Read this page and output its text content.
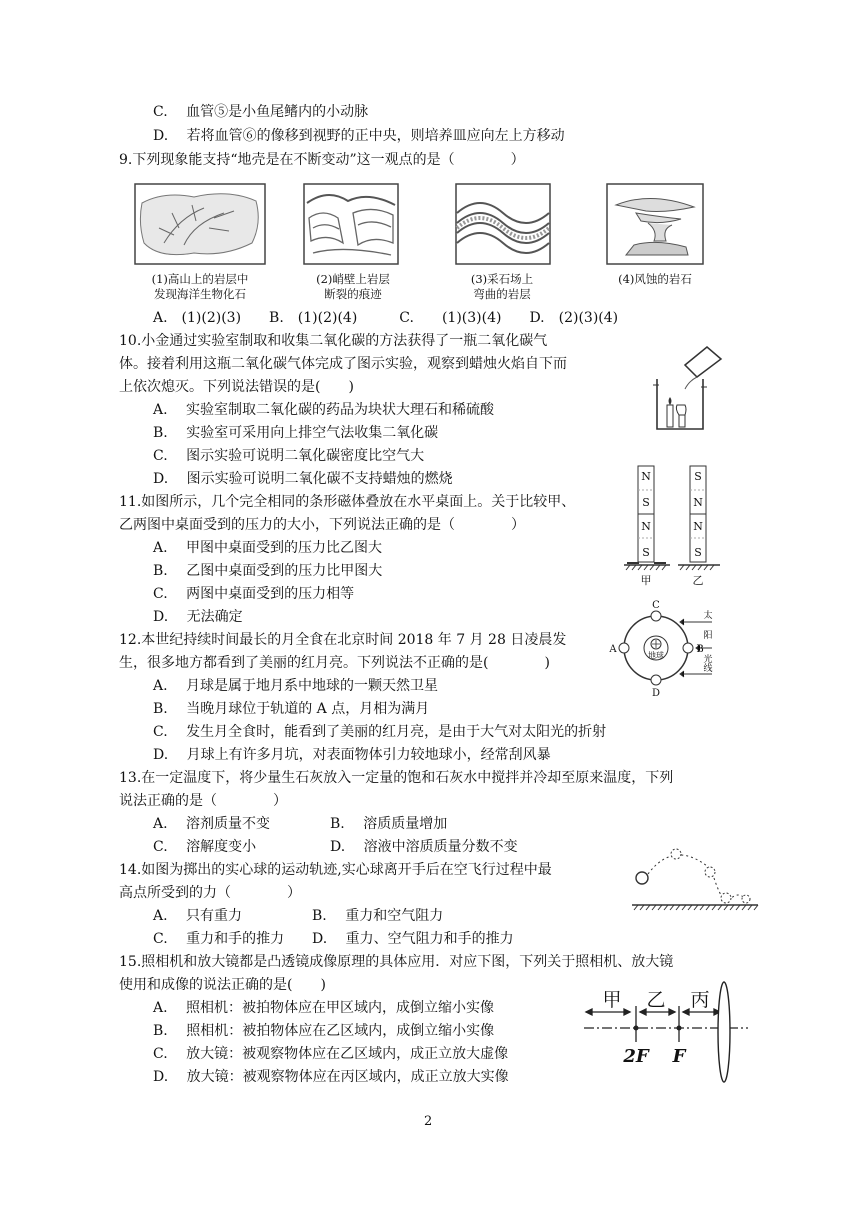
C.　 血管⑤是小鱼尾鳍内的小动脉
D.　 若将血管⑥的像移到视野的正中央，则培养皿应向左上方移动
9.下列现象能支持“地壳是在不断变动”这一观点的是（　　　　）
(1)高山上的岩层中
发现海洋生物化石
(2)峭壁上岩层
断裂的痕迹
(3)采石场上
弯曲的岩层
(4)风蚀的岩石
A.　(1)(2)(3)　　B.　(1)(2)(4)　　　C.　　(1)(3)(4)　　D.　(2)(3)(4)
10.小金通过实验室制取和收集二氧化碳的方法获得了一瓶二氧化碳气
体。接着利用这瓶二氧化碳气体完成了图示实验，观察到蜡烛火焰自下而
上依次熄灭。下列说法错误的是(　　)
A.　 实验室制取二氧化碳的药品为块状大理石和稀硫酸
B.　 实验室可采用向上排空气法收集二氧化碳
C.　 图示实验可说明二氧化碳密度比空气大
D.　 图示实验可说明二氧化碳不支持蜡烛的燃烧
11.如图所示，几个完全相同的条形磁体叠放在水平桌面上。关于比较甲、
乙两图中桌面受到的压力的大小，下列说法正确的是（　　　　）
A.　 甲图中桌面受到的压力比乙图大
B.　 乙图中桌面受到的压力比甲图大
C.　 两图中桌面受到的压力相等
D.　 无法确定
N
S
N
S
甲
S
N
N
S
乙
12.本世纪持续时间最长的月全食在北京时间 2018 年 7 月 28 日凌晨发
生，很多地方都看到了美丽的红月亮。下列说法不正确的是(　　　　)
A.　 月球是属于地月系中地球的一颗天然卫星
B.　 当晚月球位于轨道的 A 点，月相为满月
C.　 发生月全食时，能看到了美丽的红月亮，是由于大气对太阳光的折射
D.　 月球上有许多月坑，对表面物体引力较地球小，经常刮风暴
C
D
A	B
地球
太
阳
光
线
13.在一定温度下，将少量生石灰放入一定量的饱和石灰水中搅拌并冷却至原来温度，下列
说法正确的是（　　　　）
A.　 溶剂质量不变	B.　 溶质质量增加
C.　 溶解度变小	D.　 溶液中溶质质量分数不变
14.如图为掷出的实心球的运动轨迹,实心球离开手后在空飞行过程中最
高点所受到的力（　　　　）
A.　 只有重力	B.　 重力和空气阻力
C.　 重力和手的推力 D.　 重力、空气阻力和手的推力
15.照相机和放大镜都是凸透镜成像原理的具体应用．对应下图，下列关于照相机、放大镜
使用和成像的说法正确的是(　　)
A.　 照相机：被拍物体应在甲区域内，成倒立缩小实像
B.　 照相机：被拍物体应在乙区域内，成倒立缩小实像
C.　 放大镜：被观察物体应在乙区域内，成正立放大虚像
D.　 放大镜：被观察物体应在丙区域内，成正立放大实像
甲 乙 丙
2F F
2
